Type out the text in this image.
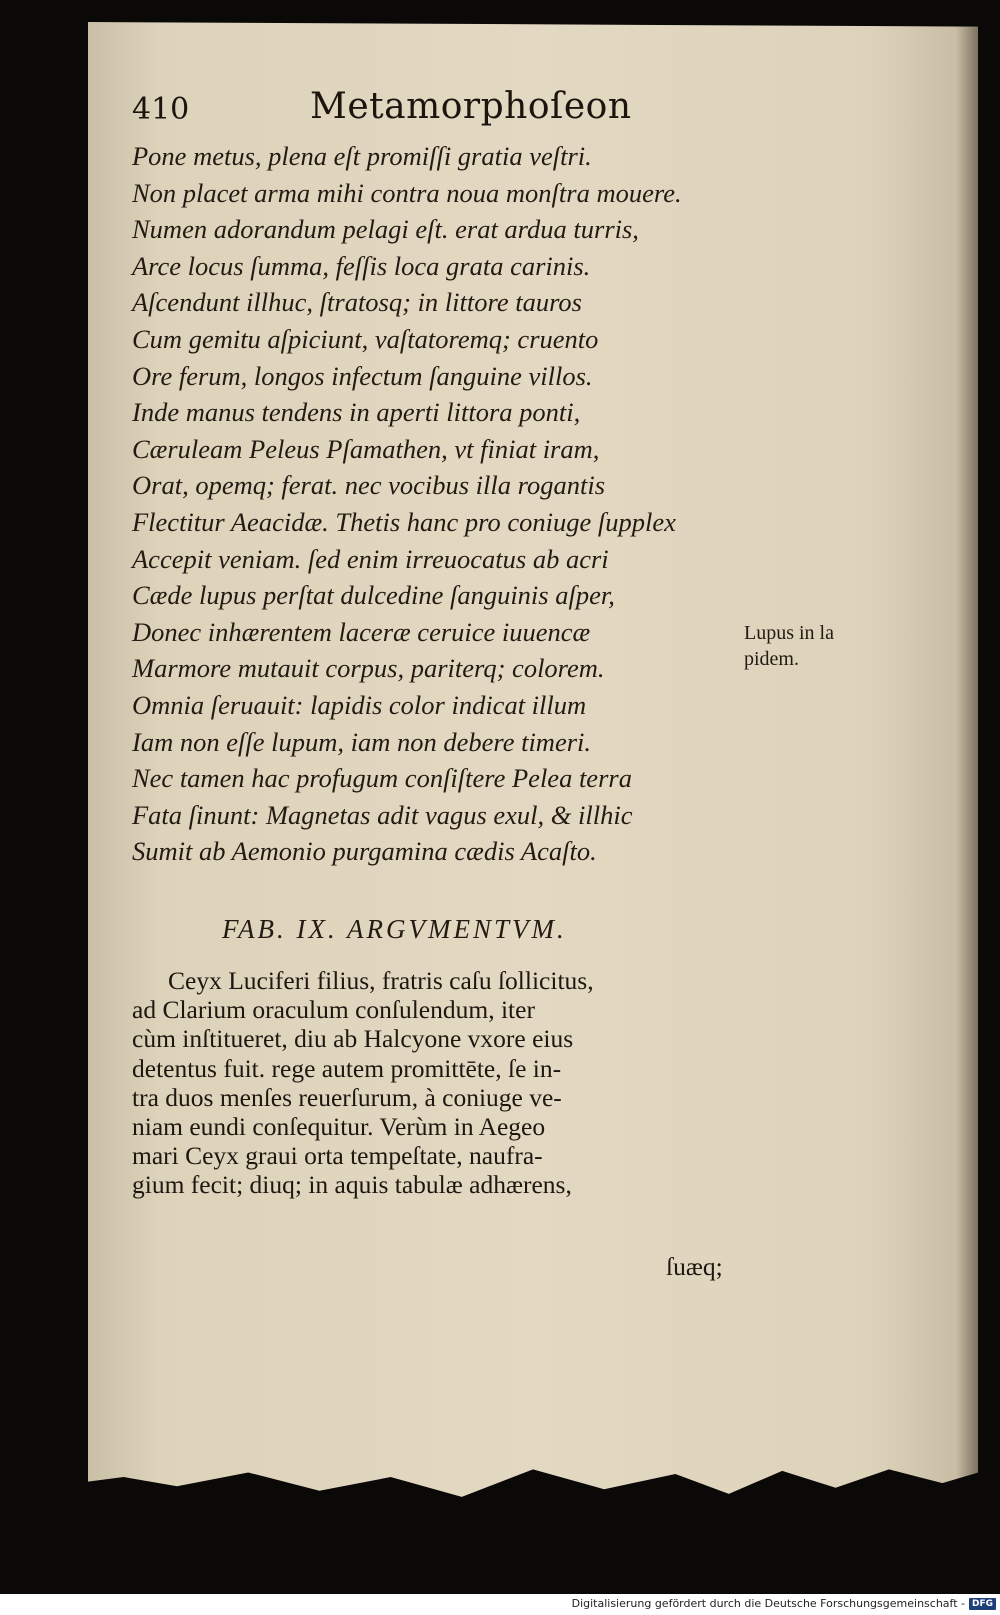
410	Metamorphoſeon
Pone metus, plena eſt promiſſi gratia veſtri.
Non placet arma mihi contra noua monſtra mouere.
Numen adorandum pelagi eſt. erat ardua turris,
Arce locus ſumma, feſſis loca grata carinis.
Aſcendunt illhuc, ſtratosq; in littore tauros
Cum gemitu aſpiciunt, vaſtatoremq; cruento
Ore ferum, longos infectum ſanguine villos.
Inde manus tendens in aperti littora ponti,
Cæruleam Peleus Pſamathen, vt finiat iram,
Orat, opemq; ferat. nec vocibus illa rogantis
Flectitur Aeacidæ. Thetis hanc pro coniuge ſupplex
Accepit veniam. ſed enim irreuocatus ab acri
Cæde lupus perſtat dulcedine ſanguinis aſper,
Donec inhærentem laceræ ceruice iuuencæ
Marmore mutauit corpus, pariterq; colorem.
Omnia ſeruauit: lapidis color indicat illum
Iam non eſſe lupum, iam non debere timeri.
Nec tamen hac profugum conſiſtere Pelea terra
Fata ſinunt: Magnetas adit vagus exul, & illhic
Sumit ab Aemonio purgamina cædis Acaſto.
Lupus in la
pidem.
FAB. IX. ARGVMENTVM.
Ceyx Luciferi filius, fratris caſu ſollicitus,
ad Clarium oraculum conſulendum, iter
cùm inſtitueret, diu ab Halcyone vxore eius
detentus fuit. rege autem promittēte, ſe in-
tra duos menſes reuerſurum, à coniuge ve-
niam eundi conſequitur. Verùm in Aegeo
mari Ceyx graui orta tempeſtate, naufra-
gium fecit; diuq; in aquis tabulæ adhærens,
ſuæq;
Digitalisierung gefördert durch die Deutsche Forschungsgemeinschaft - DFG
